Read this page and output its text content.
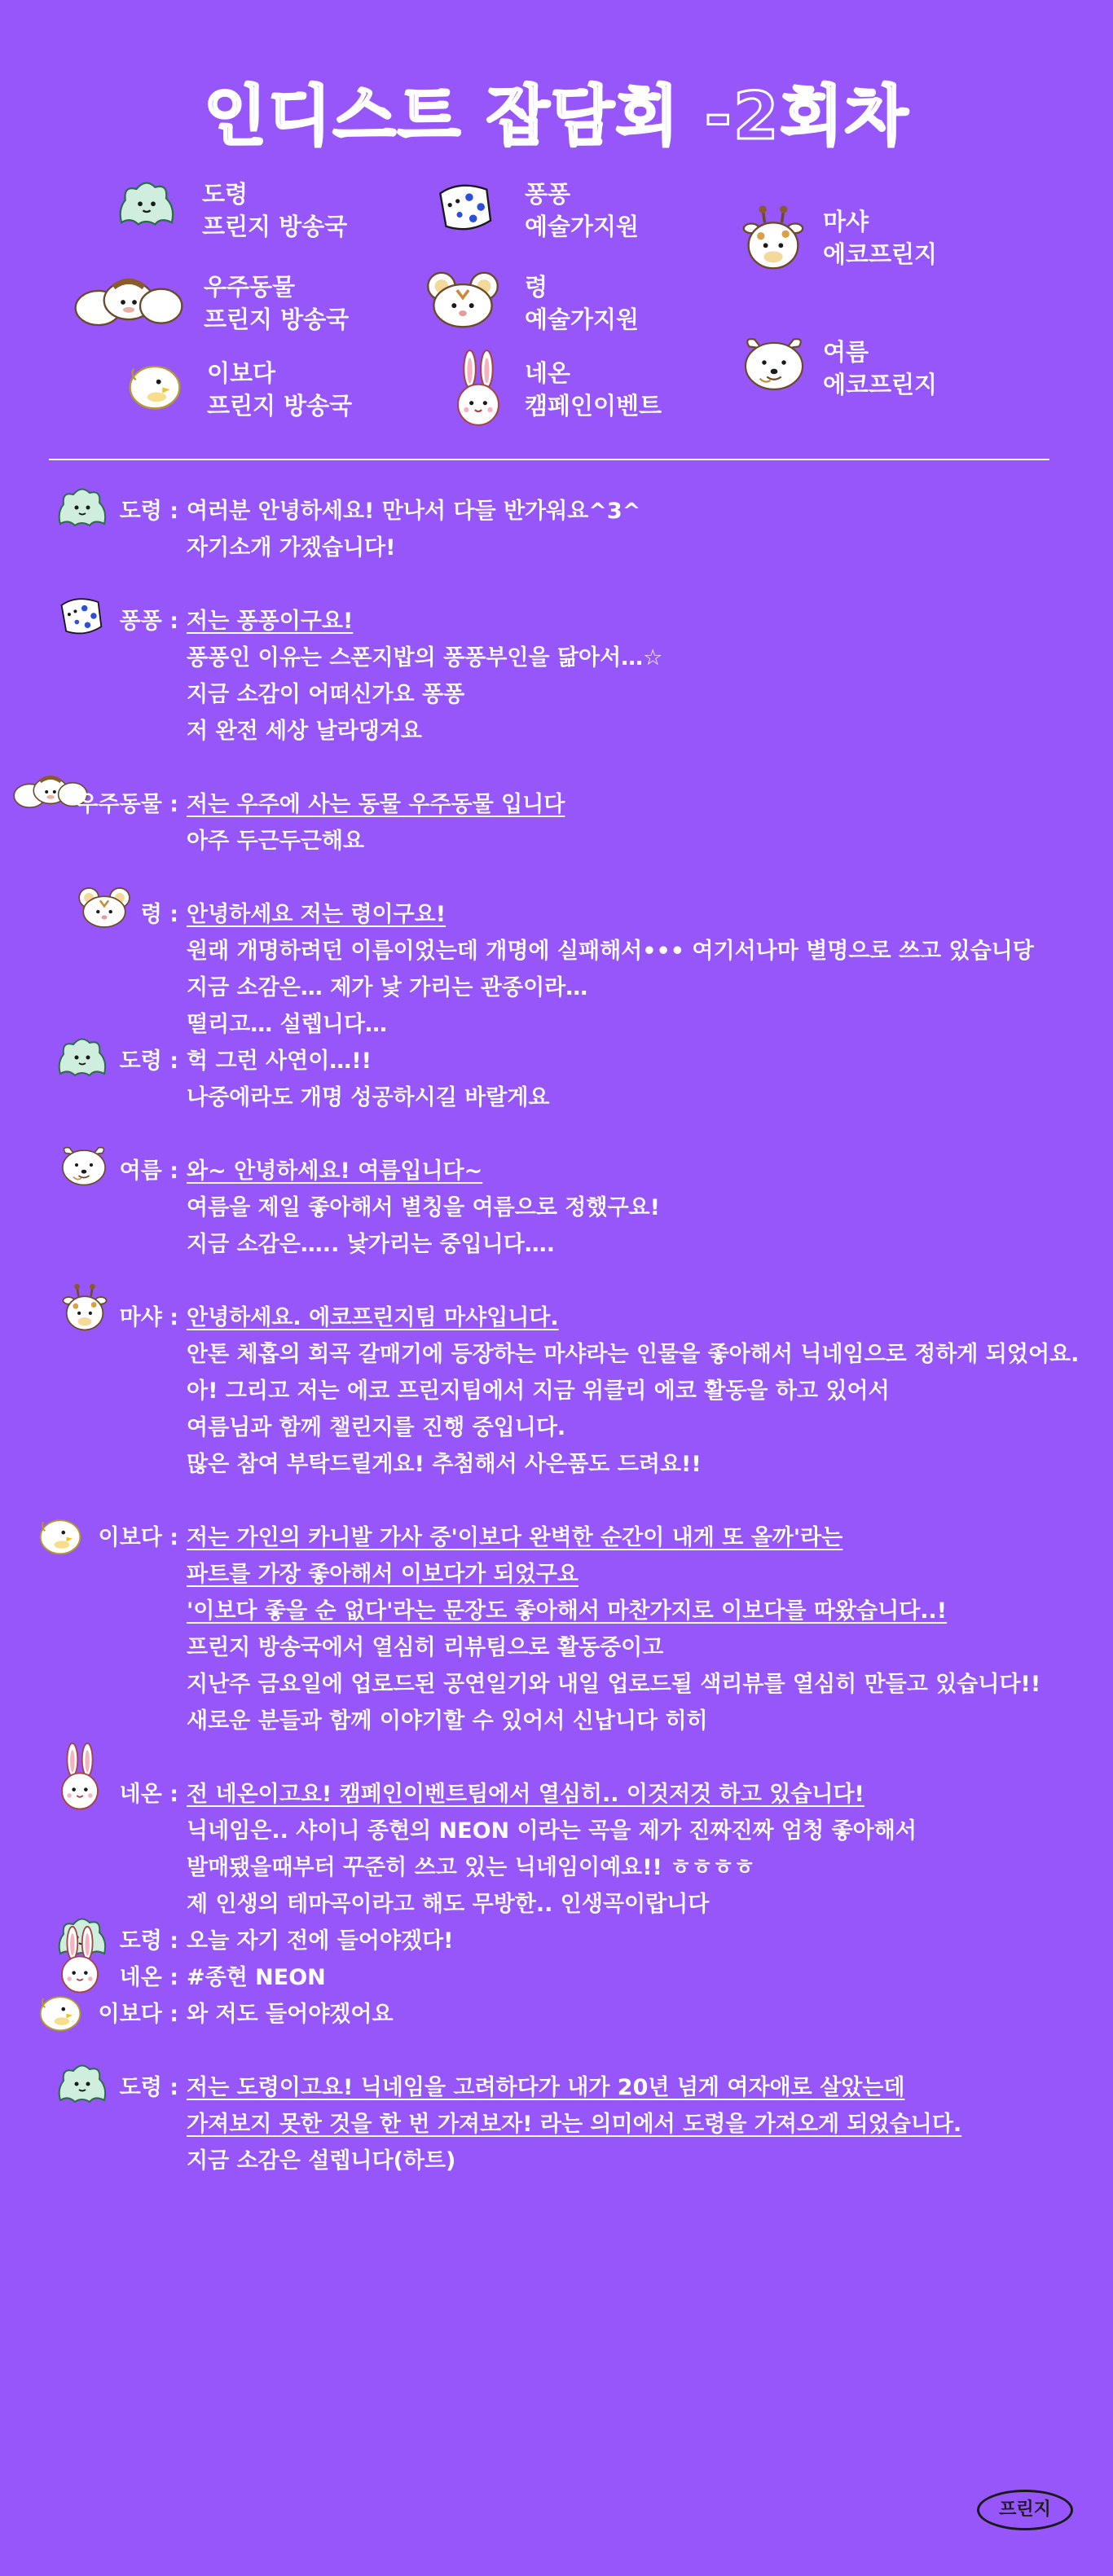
인디스트 잡담회 -2회차
도령
프린지 방송국
우주동물
프린지 방송국
이보다
프린지 방송국
퐁퐁
예술가지원
령
예술가지원
네온
캠페인이벤트
마샤
에코프린지
여름
에코프린지
도령 : 여러분 안녕하세요! 만나서 다들 반가워요^3^
자기소개 가겠습니다!
퐁퐁 : 저는 퐁퐁이구요!
퐁퐁인 이유는 스폰지밥의 퐁퐁부인을 닮아서…☆
지금 소감이 어떠신가요 퐁퐁
저 완전 세상 날라댕겨요
우주동물 : 저는 우주에 사는 동물 우주동물 입니다
아주 두근두근해요
령 : 안녕하세요 저는 령이구요!
원래 개명하려던 이름이었는데 개명에 실패해서••• 여기서나마 별명으로 쓰고 있습니당
지금 소감은… 제가 낯 가리는 관종이라…
떨리고… 설렙니다…
도령 : 헉 그런 사연이…!!
나중에라도 개명 성공하시길 바랄게요
여름 : 와~ 안녕하세요! 여름입니다~
여름을 제일 좋아해서 별칭을 여름으로 정했구요!
지금 소감은….. 낯가리는 중입니다….
마샤 : 안녕하세요. 에코프린지팀 마샤입니다.
안톤 체홉의 희곡 갈매기에 등장하는 마샤라는 인물을 좋아해서 닉네임으로 정하게 되었어요.
아! 그리고 저는 에코 프린지팀에서 지금 위클리 에코 활동을 하고 있어서
여름님과 함께 챌린지를 진행 중입니다.
많은 참여 부탁드릴게요! 추첨해서 사은품도 드려요!!
이보다 : 저는 가인의 카니발 가사 중'이보다 완벽한 순간이 내게 또 올까'라는
파트를 가장 좋아해서 이보다가 되었구요
'이보다 좋을 순 없다'라는 문장도 좋아해서 마찬가지로 이보다를 따왔습니다..!
프린지 방송국에서 열심히 리뷰팀으로 활동중이고
지난주 금요일에 업로드된 공연일기와 내일 업로드될 색리뷰를 열심히 만들고 있습니다!!
새로운 분들과 함께 이야기할 수 있어서 신납니다 히히
네온 : 전 네온이고요! 캠페인이벤트팀에서 열심히.. 이것저것 하고 있습니다!
닉네임은.. 샤이니 종현의 NEON 이라는 곡을 제가 진짜진짜 엄청 좋아해서
발매됐을때부터 꾸준히 쓰고 있는 닉네임이예요!! ㅎㅎㅎㅎ
제 인생의 테마곡이라고 해도 무방한.. 인생곡이랍니다
도령 : 오늘 자기 전에 들어야겠다!
네온 : #종현 NEON
이보다 : 와 저도 들어야겠어요
도령 : 저는 도령이고요! 닉네임을 고려하다가 내가 20년 넘게 여자애로 살았는데
가져보지 못한 것을 한 번 가져보자! 라는 의미에서 도령을 가져오게 되었습니다.
지금 소감은 설렙니다(하트)
프린지
